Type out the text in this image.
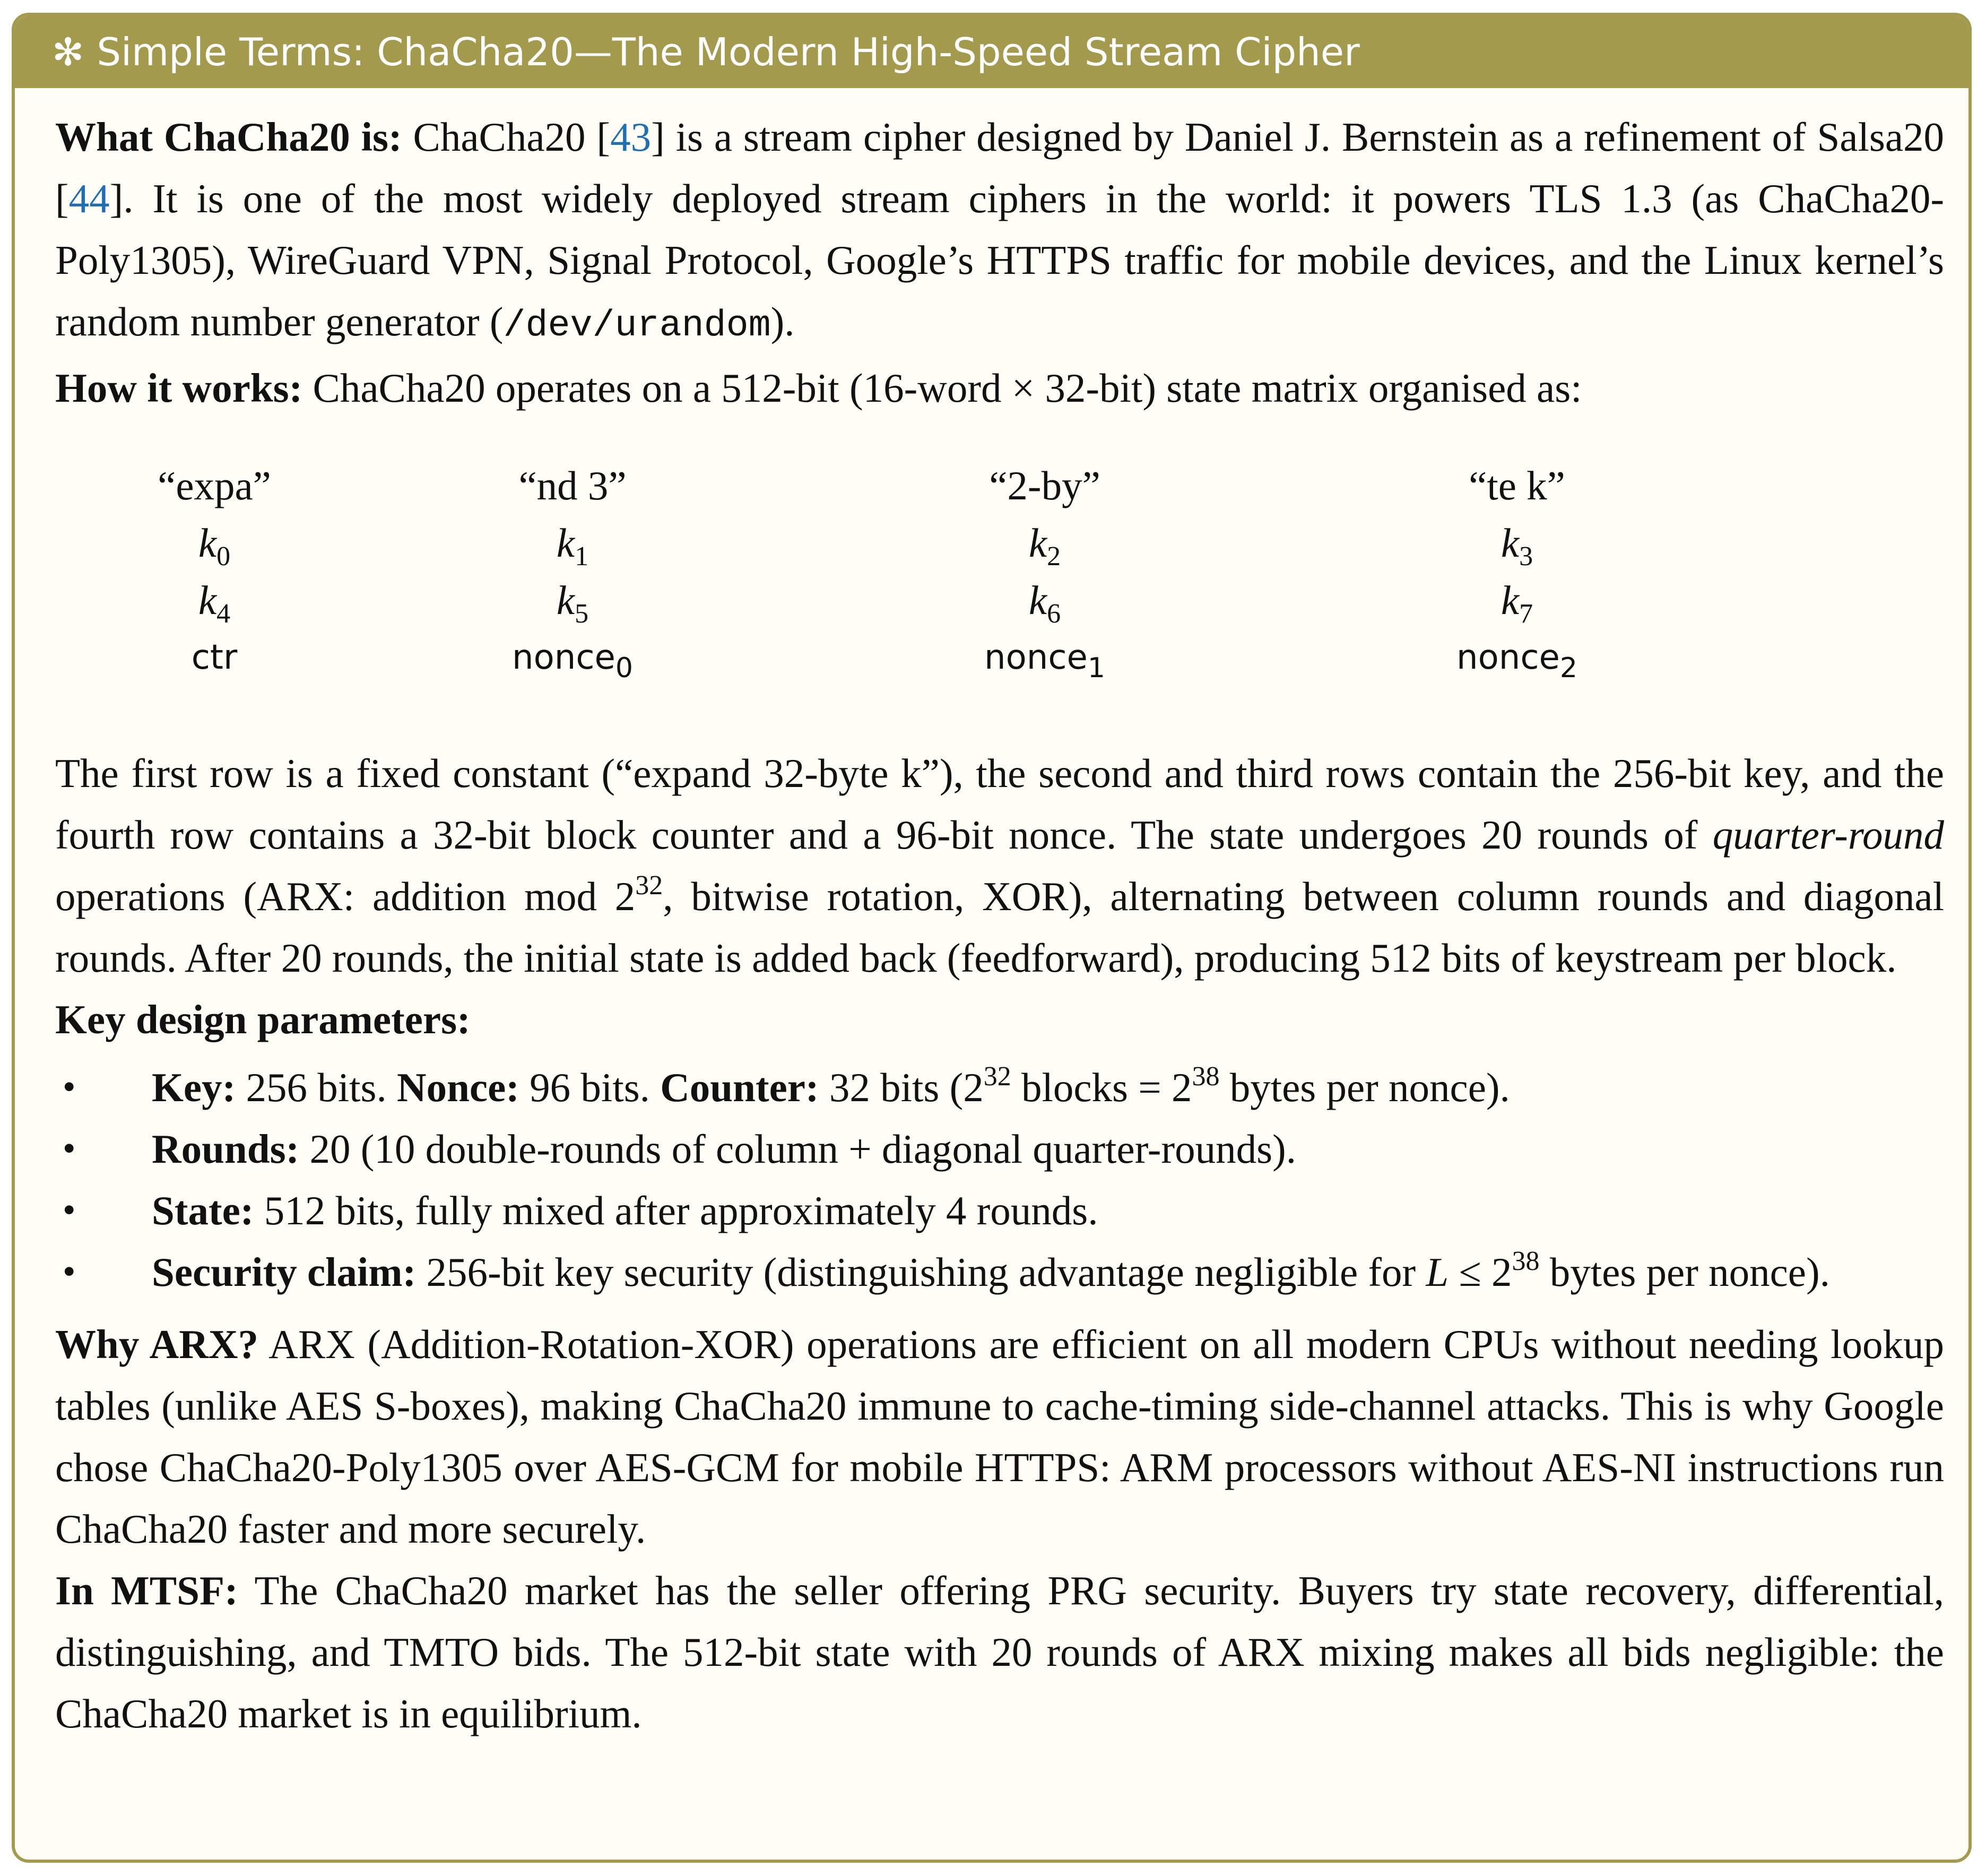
✻ Simple Terms: ChaCha20—The Modern High-Speed Stream Cipher

What ChaCha20 is: ChaCha20 [43] is a stream cipher designed by Daniel J. Bernstein as a refinement of Salsa20 [44]. It is one of the most widely deployed stream ciphers in the world: it powers TLS 1.3 (as ChaCha20-Poly1305), WireGuard VPN, Signal Protocol, Google’s HTTPS traffic for mobile devices, and the Linux kernel’s random number generator (/dev/urandom).

How it works: ChaCha20 operates on a 512-bit (16-word × 32-bit) state matrix organised as:

“expa”	“nd 3”	“2-by”	“te k”
$k_0$	$k_1$	$k_2$	$k_3$
$k_4$	$k_5$	$k_6$	$k_7$
ctr	nonce$_0$	nonce$_1$	nonce$_2$

The first row is a fixed constant (“expand 32-byte k”), the second and third rows contain the 256-bit key, and the fourth row contains a 32-bit block counter and a 96-bit nonce. The state undergoes 20 rounds of quarter-round operations (ARX: addition mod $2^{32}$, bitwise rotation, XOR), alternating between column rounds and diagonal rounds. After 20 rounds, the initial state is added back (feedforward), producing 512 bits of keystream per block.

Key design parameters:

• Key: 256 bits. Nonce: 96 bits. Counter: 32 bits ($2^{32}$ blocks = $2^{38}$ bytes per nonce).
• Rounds: 20 (10 double-rounds of column + diagonal quarter-rounds).
• State: 512 bits, fully mixed after approximately 4 rounds.
• Security claim: 256-bit key security (distinguishing advantage negligible for $L \le 2^{38}$ bytes per nonce).

Why ARX? ARX (Addition-Rotation-XOR) operations are efficient on all modern CPUs without needing lookup tables (unlike AES S-boxes), making ChaCha20 immune to cache-timing side-channel attacks. This is why Google chose ChaCha20-Poly1305 over AES-GCM for mobile HTTPS: ARM processors without AES-NI instructions run ChaCha20 faster and more securely.

In MTSF: The ChaCha20 market has the seller offering PRG security. Buyers try state recovery, differential, distinguishing, and TMTO bids. The 512-bit state with 20 rounds of ARX mixing makes all bids negligible: the ChaCha20 market is in equilibrium.
